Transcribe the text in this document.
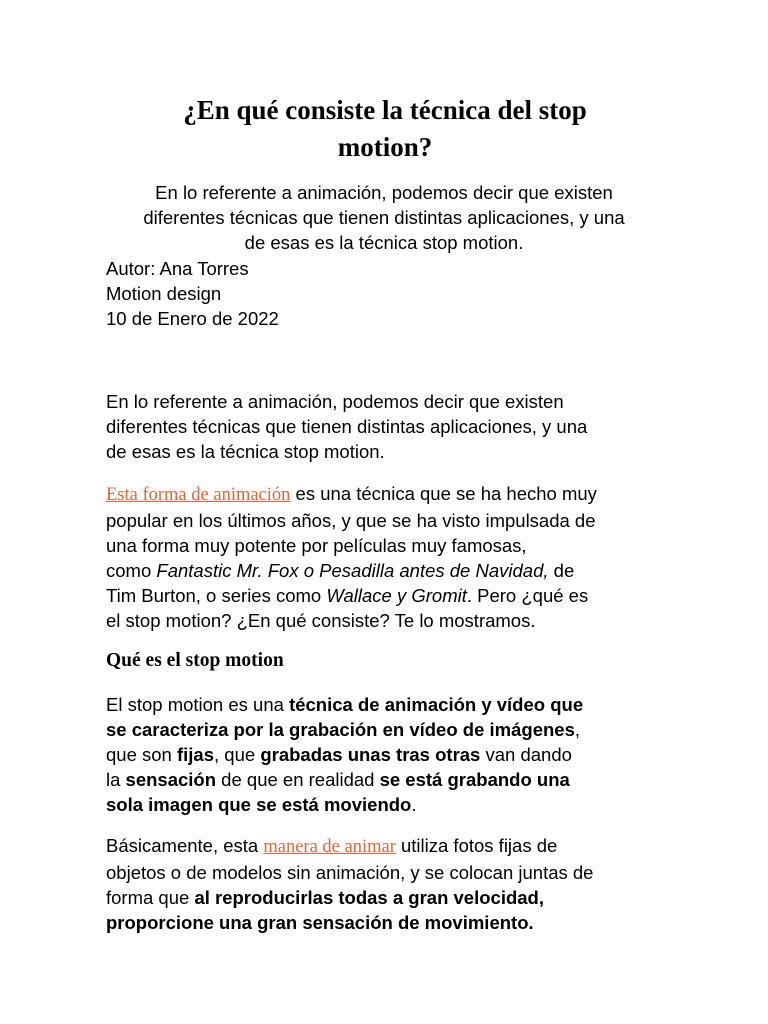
¿En qué consiste la técnica del stop
motion?

En lo referente a animación, podemos decir que existen
diferentes técnicas que tienen distintas aplicaciones, y una
de esas es la técnica stop motion.

Autor: Ana Torres
Motion design
10 de Enero de 2022

En lo referente a animación, podemos decir que existen
diferentes técnicas que tienen distintas aplicaciones, y una
de esas es la técnica stop motion.

Esta forma de animación es una técnica que se ha hecho muy
popular en los últimos años, y que se ha visto impulsada de
una forma muy potente por películas muy famosas,
como Fantastic Mr. Fox o Pesadilla antes de Navidad, de
Tim Burton, o series como Wallace y Gromit. Pero ¿qué es
el stop motion? ¿En qué consiste? Te lo mostramos.

Qué es el stop motion

El stop motion es una técnica de animación y vídeo que
se caracteriza por la grabación en vídeo de imágenes,
que son fijas, que grabadas unas tras otras van dando
la sensación de que en realidad se está grabando una
sola imagen que se está moviendo.

Básicamente, esta manera de animar utiliza fotos fijas de
objetos o de modelos sin animación, y se colocan juntas de
forma que al reproducirlas todas a gran velocidad,
proporcione una gran sensación de movimiento.
